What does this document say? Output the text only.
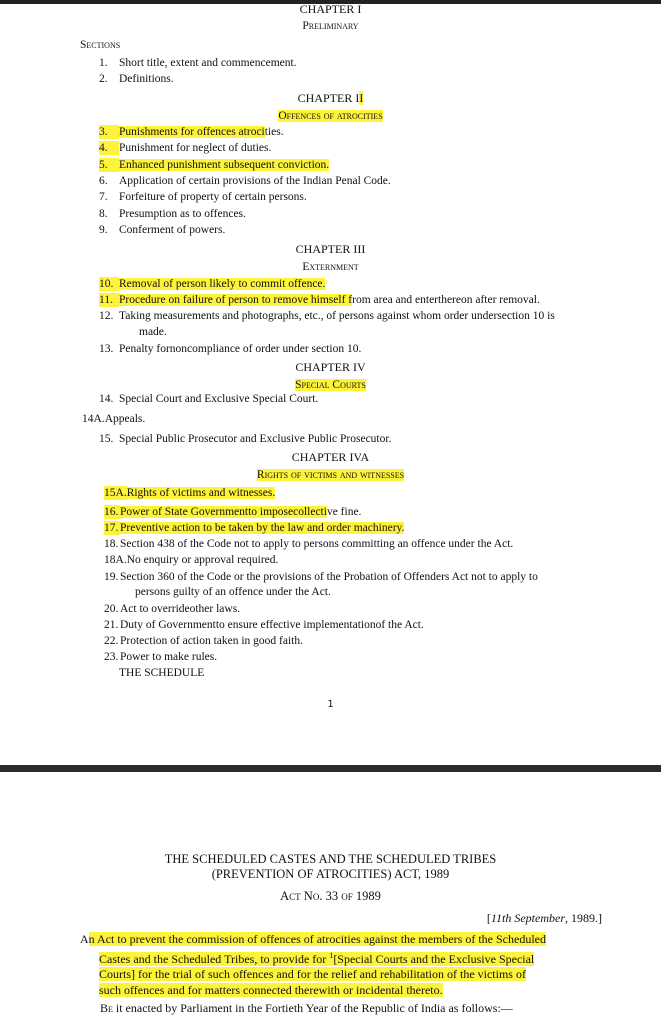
CHAPTER I
Preliminary
Sections
1. Short title, extent and commencement.
2. Definitions.
CHAPTER II
Offences of atrocities
3. Punishments for offences atrocities.
4. Punishment for neglect of duties.
5. Enhanced punishment subsequent conviction.
6. Application of certain provisions of the Indian Penal Code.
7. Forfeiture of property of certain persons.
8. Presumption as to offences.
9. Conferment of powers.
CHAPTER III
Externment
10. Removal of person likely to commit offence.
11. Procedure on failure of person to remove himself from area and enterthereon after removal.
12. Taking measurements and photographs, etc., of persons against whom order undersection 10 is
made.
13. Penalty fornoncompliance of order under section 10.
CHAPTER IV
Special Courts
14. Special Court and Exclusive Special Court.
14A.Appeals.
15. Special Public Prosecutor and Exclusive Public Prosecutor.
CHAPTER IVA
Rights of victims and witnesses
15A.Rights of victims and witnesses.
16. Power of State Governmentto imposecollective fine.
17. Preventive action to be taken by the law and order machinery.
18. Section 438 of the Code not to apply to persons committing an offence under the Act.
18A.No enquiry or approval required.
19. Section 360 of the Code or the provisions of the Probation of Offenders Act not to apply to
persons guilty of an offence under the Act.
20. Act to overrideother laws.
21. Duty of Governmentto ensure effective implementationof the Act.
22. Protection of action taken in good faith.
23. Power to make rules.
THE SCHEDULE
1
THE SCHEDULED CASTES AND THE SCHEDULED TRIBES
(PREVENTION OF ATROCITIES) ACT, 1989
Act No. 33 of 1989
[11th September, 1989.]
An Act to prevent the commission of offences of atrocities against the members of the Scheduled
Castes and the Scheduled Tribes, to provide for $^1$[Special Courts and the Exclusive Special
Courts] for the trial of such offences and for the relief and rehabilitation of the victims of
such offences and for matters connected therewith or incidental thereto.
Be it enacted by Parliament in the Fortieth Year of the Republic of India as follows:—
